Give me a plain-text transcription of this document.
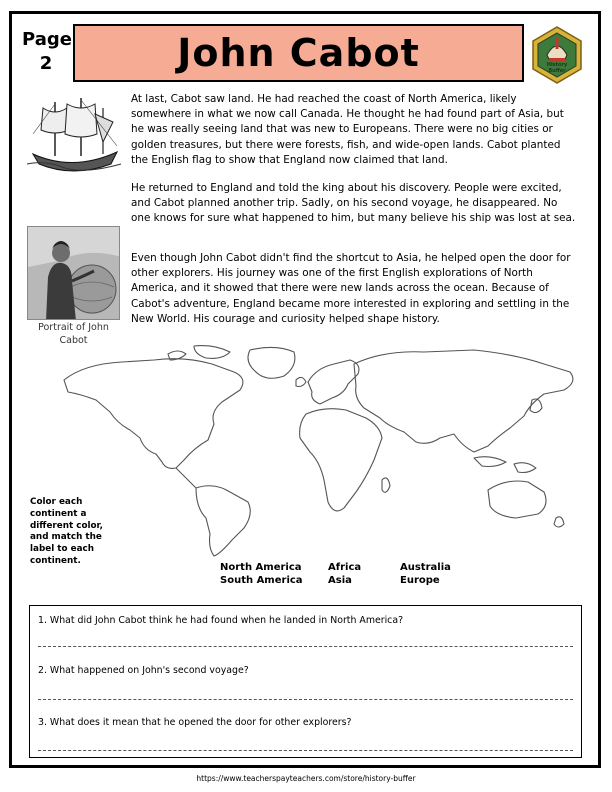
Page 2	John Cabot	History Buffer
Portrait of John Cabot

At last, Cabot saw land. He had reached the coast of North America, likely somewhere in what we now call Canada. He thought he had found part of Asia, but he was really seeing land that was new to Europeans. There were no big cities or golden treasures, but there were forests, fish, and wide-open lands. Cabot planted the English flag to show that England now claimed that land.

He returned to England and told the king about his discovery. People were excited, and Cabot planned another trip. Sadly, on his second voyage, he disappeared. No one knows for sure what happened to him, but many believe his ship was lost at sea.

Even though John Cabot didn't find the shortcut to Asia, he helped open the door for other explorers. His journey was one of the first English explorations of North America, and it showed that there were new lands across the ocean. Because of Cabot's adventure, England became more interested in exploring and settling in the New World. His courage and curiosity helped shape history.

Color each continent a different color, and match the label to each continent.
North America
South America
Africa
Asia
Australia
Europe
1. What did John Cabot think he had found when he landed in North America?
2. What happened on John's second voyage?
3. What does it mean that he opened the door for other explorers?
https://www.teacherspayteachers.com/store/history-buffer
